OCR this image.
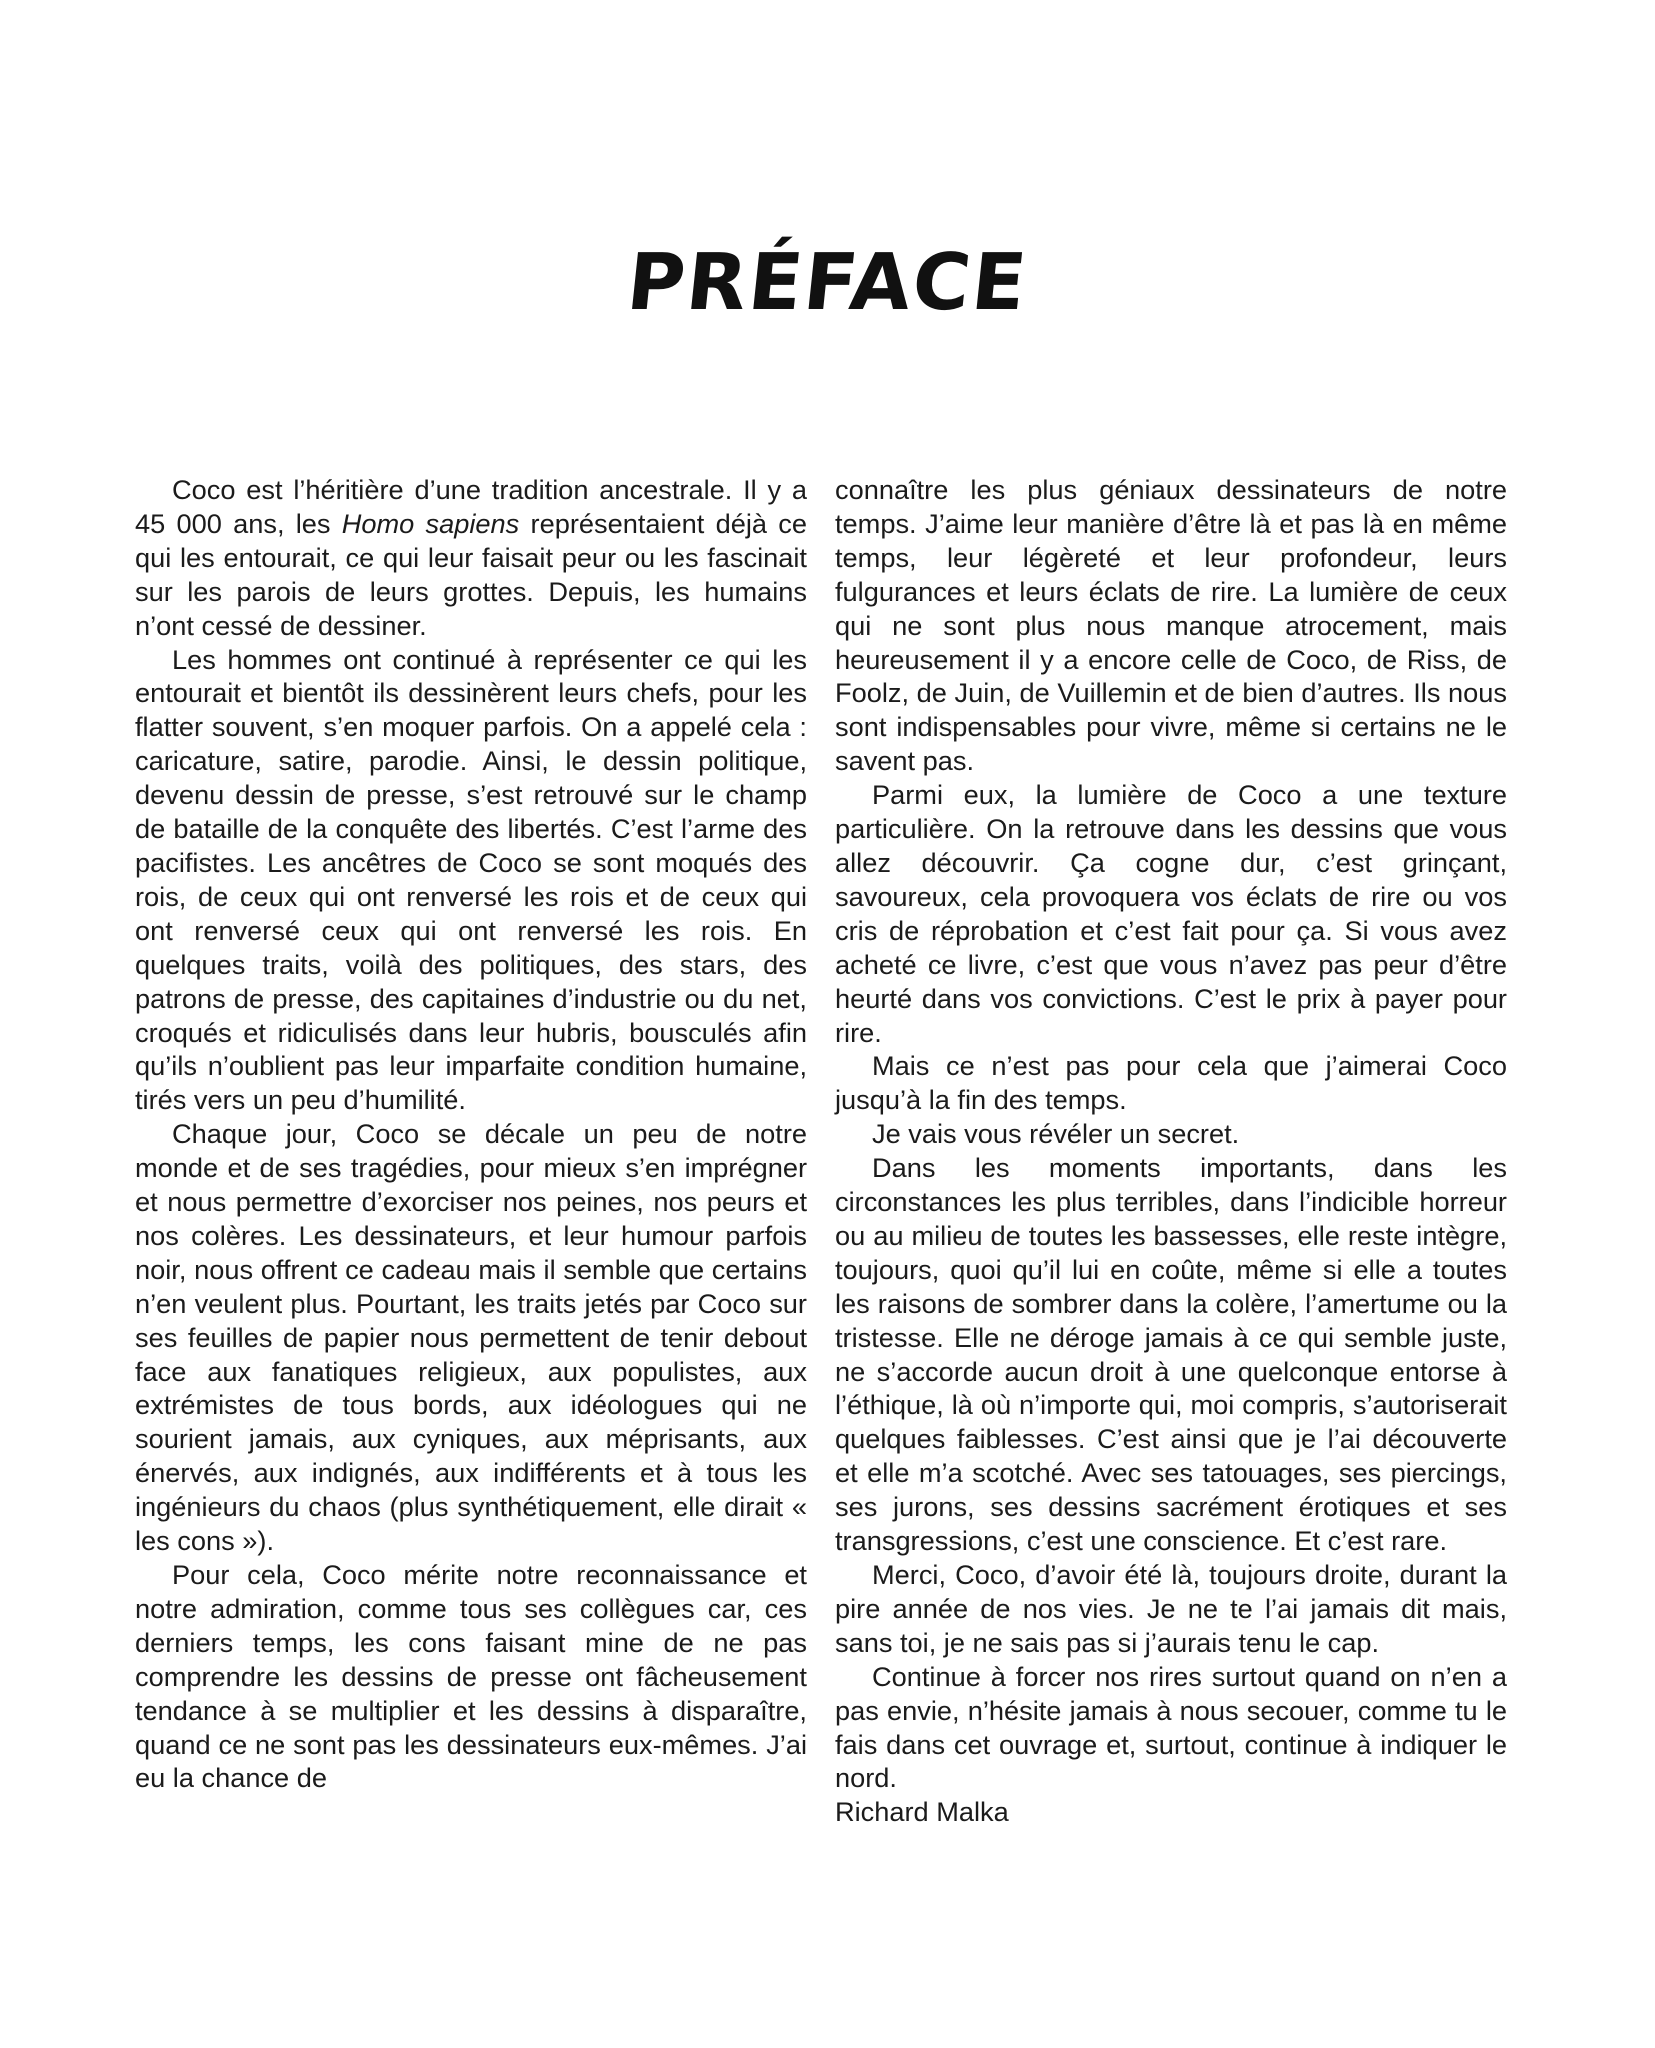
PRÉFACE

Coco est l’héritière d’une tradition ancestrale. Il y a 45 000 ans, les Homo sapiens représentaient déjà ce qui les entourait, ce qui leur faisait peur ou les fascinait sur les parois de leurs grottes. Depuis, les humains n’ont cessé de dessiner.

Les hommes ont continué à représenter ce qui les entourait et bientôt ils dessinèrent leurs chefs, pour les flatter souvent, s’en moquer parfois. On a appelé cela : caricature, satire, parodie. Ainsi, le dessin politique, devenu dessin de presse, s’est retrouvé sur le champ de bataille de la conquête des libertés. C’est l’arme des pacifistes. Les ancêtres de Coco se sont moqués des rois, de ceux qui ont renversé les rois et de ceux qui ont renversé ceux qui ont renversé les rois. En quelques traits, voilà des politiques, des stars, des patrons de presse, des capitaines d’industrie ou du net, croqués et ridiculisés dans leur hubris, bousculés afin qu’ils n’oublient pas leur imparfaite condition humaine, tirés vers un peu d’humilité.

Chaque jour, Coco se décale un peu de notre monde et de ses tragédies, pour mieux s’en imprégner et nous permettre d’exorciser nos peines, nos peurs et nos colères. Les dessinateurs, et leur humour parfois noir, nous offrent ce cadeau mais il semble que certains n’en veulent plus. Pourtant, les traits jetés par Coco sur ses feuilles de papier nous permettent de tenir debout face aux fanatiques religieux, aux populistes, aux extrémistes de tous bords, aux idéologues qui ne sourient jamais, aux cyniques, aux méprisants, aux énervés, aux indignés, aux indifférents et à tous les ingénieurs du chaos (plus synthétiquement, elle dirait « les cons »).

Pour cela, Coco mérite notre reconnaissance et notre admiration, comme tous ses collègues car, ces derniers temps, les cons faisant mine de ne pas comprendre les dessins de presse ont fâcheusement tendance à se multiplier et les dessins à disparaître, quand ce ne sont pas les dessinateurs eux-mêmes. J’ai eu la chance de

connaître les plus géniaux dessinateurs de notre temps. J’aime leur manière d’être là et pas là en même temps, leur légèreté et leur profondeur, leurs fulgurances et leurs éclats de rire. La lumière de ceux qui ne sont plus nous manque atrocement, mais heureusement il y a encore celle de Coco, de Riss, de Foolz, de Juin, de Vuillemin et de bien d’autres. Ils nous sont indispensables pour vivre, même si certains ne le savent pas.

Parmi eux, la lumière de Coco a une texture particulière. On la retrouve dans les dessins que vous allez découvrir. Ça cogne dur, c’est grinçant, savoureux, cela provoquera vos éclats de rire ou vos cris de réprobation et c’est fait pour ça. Si vous avez acheté ce livre, c’est que vous n’avez pas peur d’être heurté dans vos convictions. C’est le prix à payer pour rire.

Mais ce n’est pas pour cela que j’aimerai Coco jusqu’à la fin des temps.

Je vais vous révéler un secret.

Dans les moments importants, dans les circonstances les plus terribles, dans l’indicible horreur ou au milieu de toutes les bassesses, elle reste intègre, toujours, quoi qu’il lui en coûte, même si elle a toutes les raisons de sombrer dans la colère, l’amertume ou la tristesse. Elle ne déroge jamais à ce qui semble juste, ne s’accorde aucun droit à une quelconque entorse à l’éthique, là où n’importe qui, moi compris, s’autoriserait quelques faiblesses. C’est ainsi que je l’ai découverte et elle m’a scotché. Avec ses tatouages, ses piercings, ses jurons, ses dessins sacrément érotiques et ses transgressions, c’est une conscience. Et c’est rare.

Merci, Coco, d’avoir été là, toujours droite, durant la pire année de nos vies. Je ne te l’ai jamais dit mais, sans toi, je ne sais pas si j’aurais tenu le cap.

Continue à forcer nos rires surtout quand on n’en a pas envie, n’hésite jamais à nous secouer, comme tu le fais dans cet ouvrage et, surtout, continue à indiquer le nord.

Richard Malka
